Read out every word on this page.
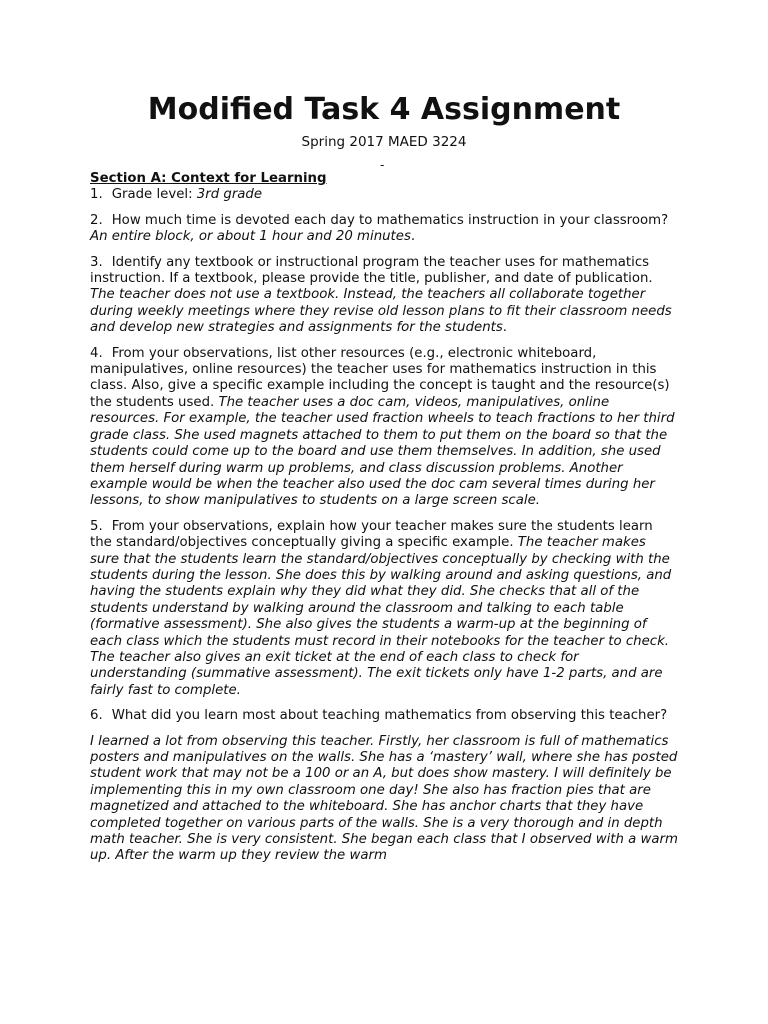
Modified Task 4 Assignment

Spring 2017 MAED 3224

-

Section A: Context for Learning

1. Grade level: 3rd grade

2. How much time is devoted each day to mathematics instruction in your classroom? An entire block, or about 1 hour and 20 minutes.

3. Identify any textbook or instructional program the teacher uses for mathematics instruction. If a textbook, please provide the title, publisher, and date of publication. The teacher does not use a textbook. Instead, the teachers all collaborate together during weekly meetings where they revise old lesson plans to fit their classroom needs and develop new strategies and assignments for the students.

4. From your observations, list other resources (e.g., electronic whiteboard, manipulatives, online resources) the teacher uses for mathematics instruction in this class. Also, give a specific example including the concept is taught and the resource(s) the students used. The teacher uses a doc cam, videos, manipulatives, online resources. For example, the teacher used fraction wheels to teach fractions to her third grade class. She used magnets attached to them to put them on the board so that the students could come up to the board and use them themselves. In addition, she used them herself during warm up problems, and class discussion problems. Another example would be when the teacher also used the doc cam several times during her lessons, to show manipulatives to students on a large screen scale.

5. From your observations, explain how your teacher makes sure the students learn the standard/objectives conceptually giving a specific example. The teacher makes sure that the students learn the standard/objectives conceptually by checking with the students during the lesson. She does this by walking around and asking questions, and having the students explain why they did what they did. She checks that all of the students understand by walking around the classroom and talking to each table (formative assessment). She also gives the students a warm-up at the beginning of each class which the students must record in their notebooks for the teacher to check. The teacher also gives an exit ticket at the end of each class to check for understanding (summative assessment). The exit tickets only have 1-2 parts, and are fairly fast to complete.

6. What did you learn most about teaching mathematics from observing this teacher?

I learned a lot from observing this teacher. Firstly, her classroom is full of mathematics posters and manipulatives on the walls. She has a ‘mastery’ wall, where she has posted student work that may not be a 100 or an A, but does show mastery. I will definitely be implementing this in my own classroom one day! She also has fraction pies that are magnetized and attached to the whiteboard. She has anchor charts that they have completed together on various parts of the walls. She is a very thorough and in depth math teacher. She is very consistent. She began each class that I observed with a warm up. After the warm up they review the warm
